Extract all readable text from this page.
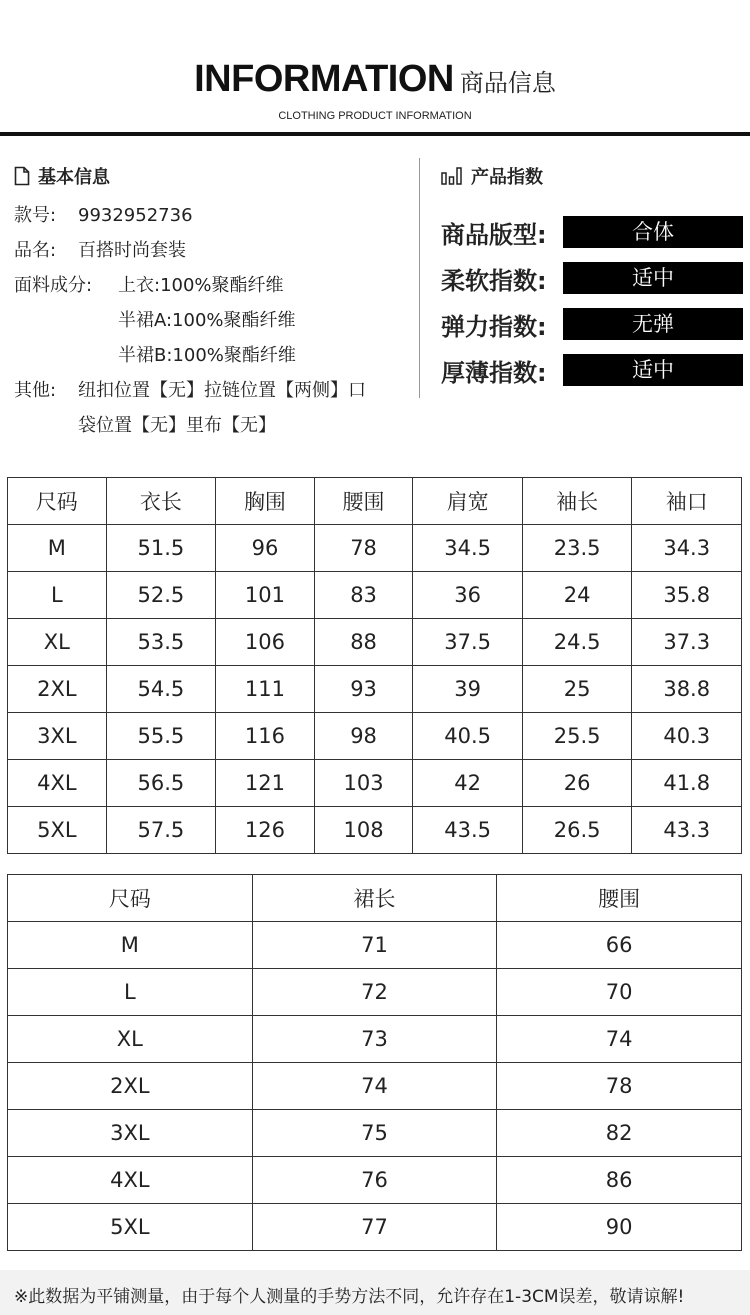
INFORMATION 商品信息
CLOTHING PRODUCT INFORMATION
基本信息
款号: 9932952736
品名: 百搭时尚套装
面料成分: 上衣:100%聚酯纤维
半裙A:100%聚酯纤维
半裙B:100%聚酯纤维
其他: 纽扣位置【无】拉链位置【两侧】口
袋位置【无】里布【无】
产品指数
商品版型:	合体
柔软指数:	适中
弹力指数:	无弹
厚薄指数:	适中
尺码	衣长	胸围	腰围	肩宽	袖长	袖口
M	51.5	96	78	34.5	23.5	34.3
L	52.5	101	83	36	24	35.8
XL	53.5	106	88	37.5	24.5	37.3
2XL	54.5	111	93	39	25	38.8
3XL	55.5	116	98	40.5	25.5	40.3
4XL	56.5	121	103	42	26	41.8
5XL	57.5	126	108	43.5	26.5	43.3
尺码	裙长	腰围
M	71	66
L	72	70
XL	73	74
2XL	74	78
3XL	75	82
4XL	76	86
5XL	77	90
※此数据为平铺测量，由于每个人测量的手势方法不同，允许存在1-3CM误差，敬请谅解!
